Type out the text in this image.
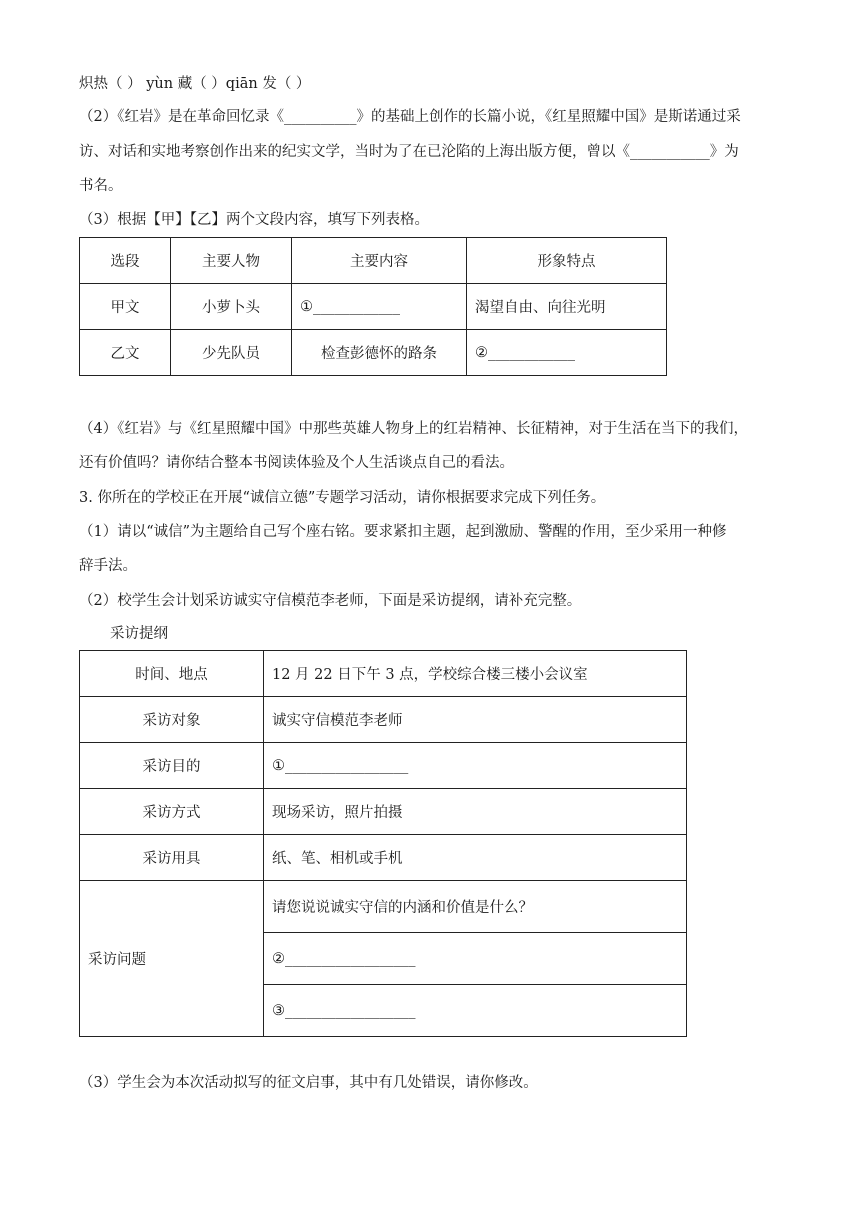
炽热（ ） yùn 藏（ ）qiān 发（ ）
（2）《红岩》是在革命回忆录《__________》的基础上创作的长篇小说，《红星照耀中国》是斯诺通过采
访、对话和实地考察创作出来的纪实文学，当时为了在已沦陷的上海出版方便，曾以《___________》为
书名。
（3）根据【甲】【乙】两个文段内容，填写下列表格。
选段	主要人物	主要内容	形象特点
甲文	小萝卜头	①____________	渴望自由、向往光明
乙文	少先队员	检查彭德怀的路条	②____________
（4）《红岩》与《红星照耀中国》中那些英雄人物身上的红岩精神、长征精神，对于生活在当下的我们，
还有价值吗？请你结合整本书阅读体验及个人生活谈点自己的看法。
3. 你所在的学校正在开展“诚信立德”专题学习活动，请你根据要求完成下列任务。
（1）请以“诚信”为主题给自己写个座右铭。要求紧扣主题，起到激励、警醒的作用，至少采用一种修
辞手法。
（2）校学生会计划采访诚实守信模范李老师，下面是采访提纲，请补充完整。
采访提纲
时间、地点	12 月 22 日下午 3 点，学校综合楼三楼小会议室
采访对象	诚实守信模范李老师
采访目的	①_________________
采访方式	现场采访，照片拍摄
采访用具	纸、笔、相机或手机
采访问题	请您说说诚实守信的内涵和价值是什么？
	②__________________
	③__________________
（3）学生会为本次活动拟写的征文启事，其中有几处错误，请你修改。
